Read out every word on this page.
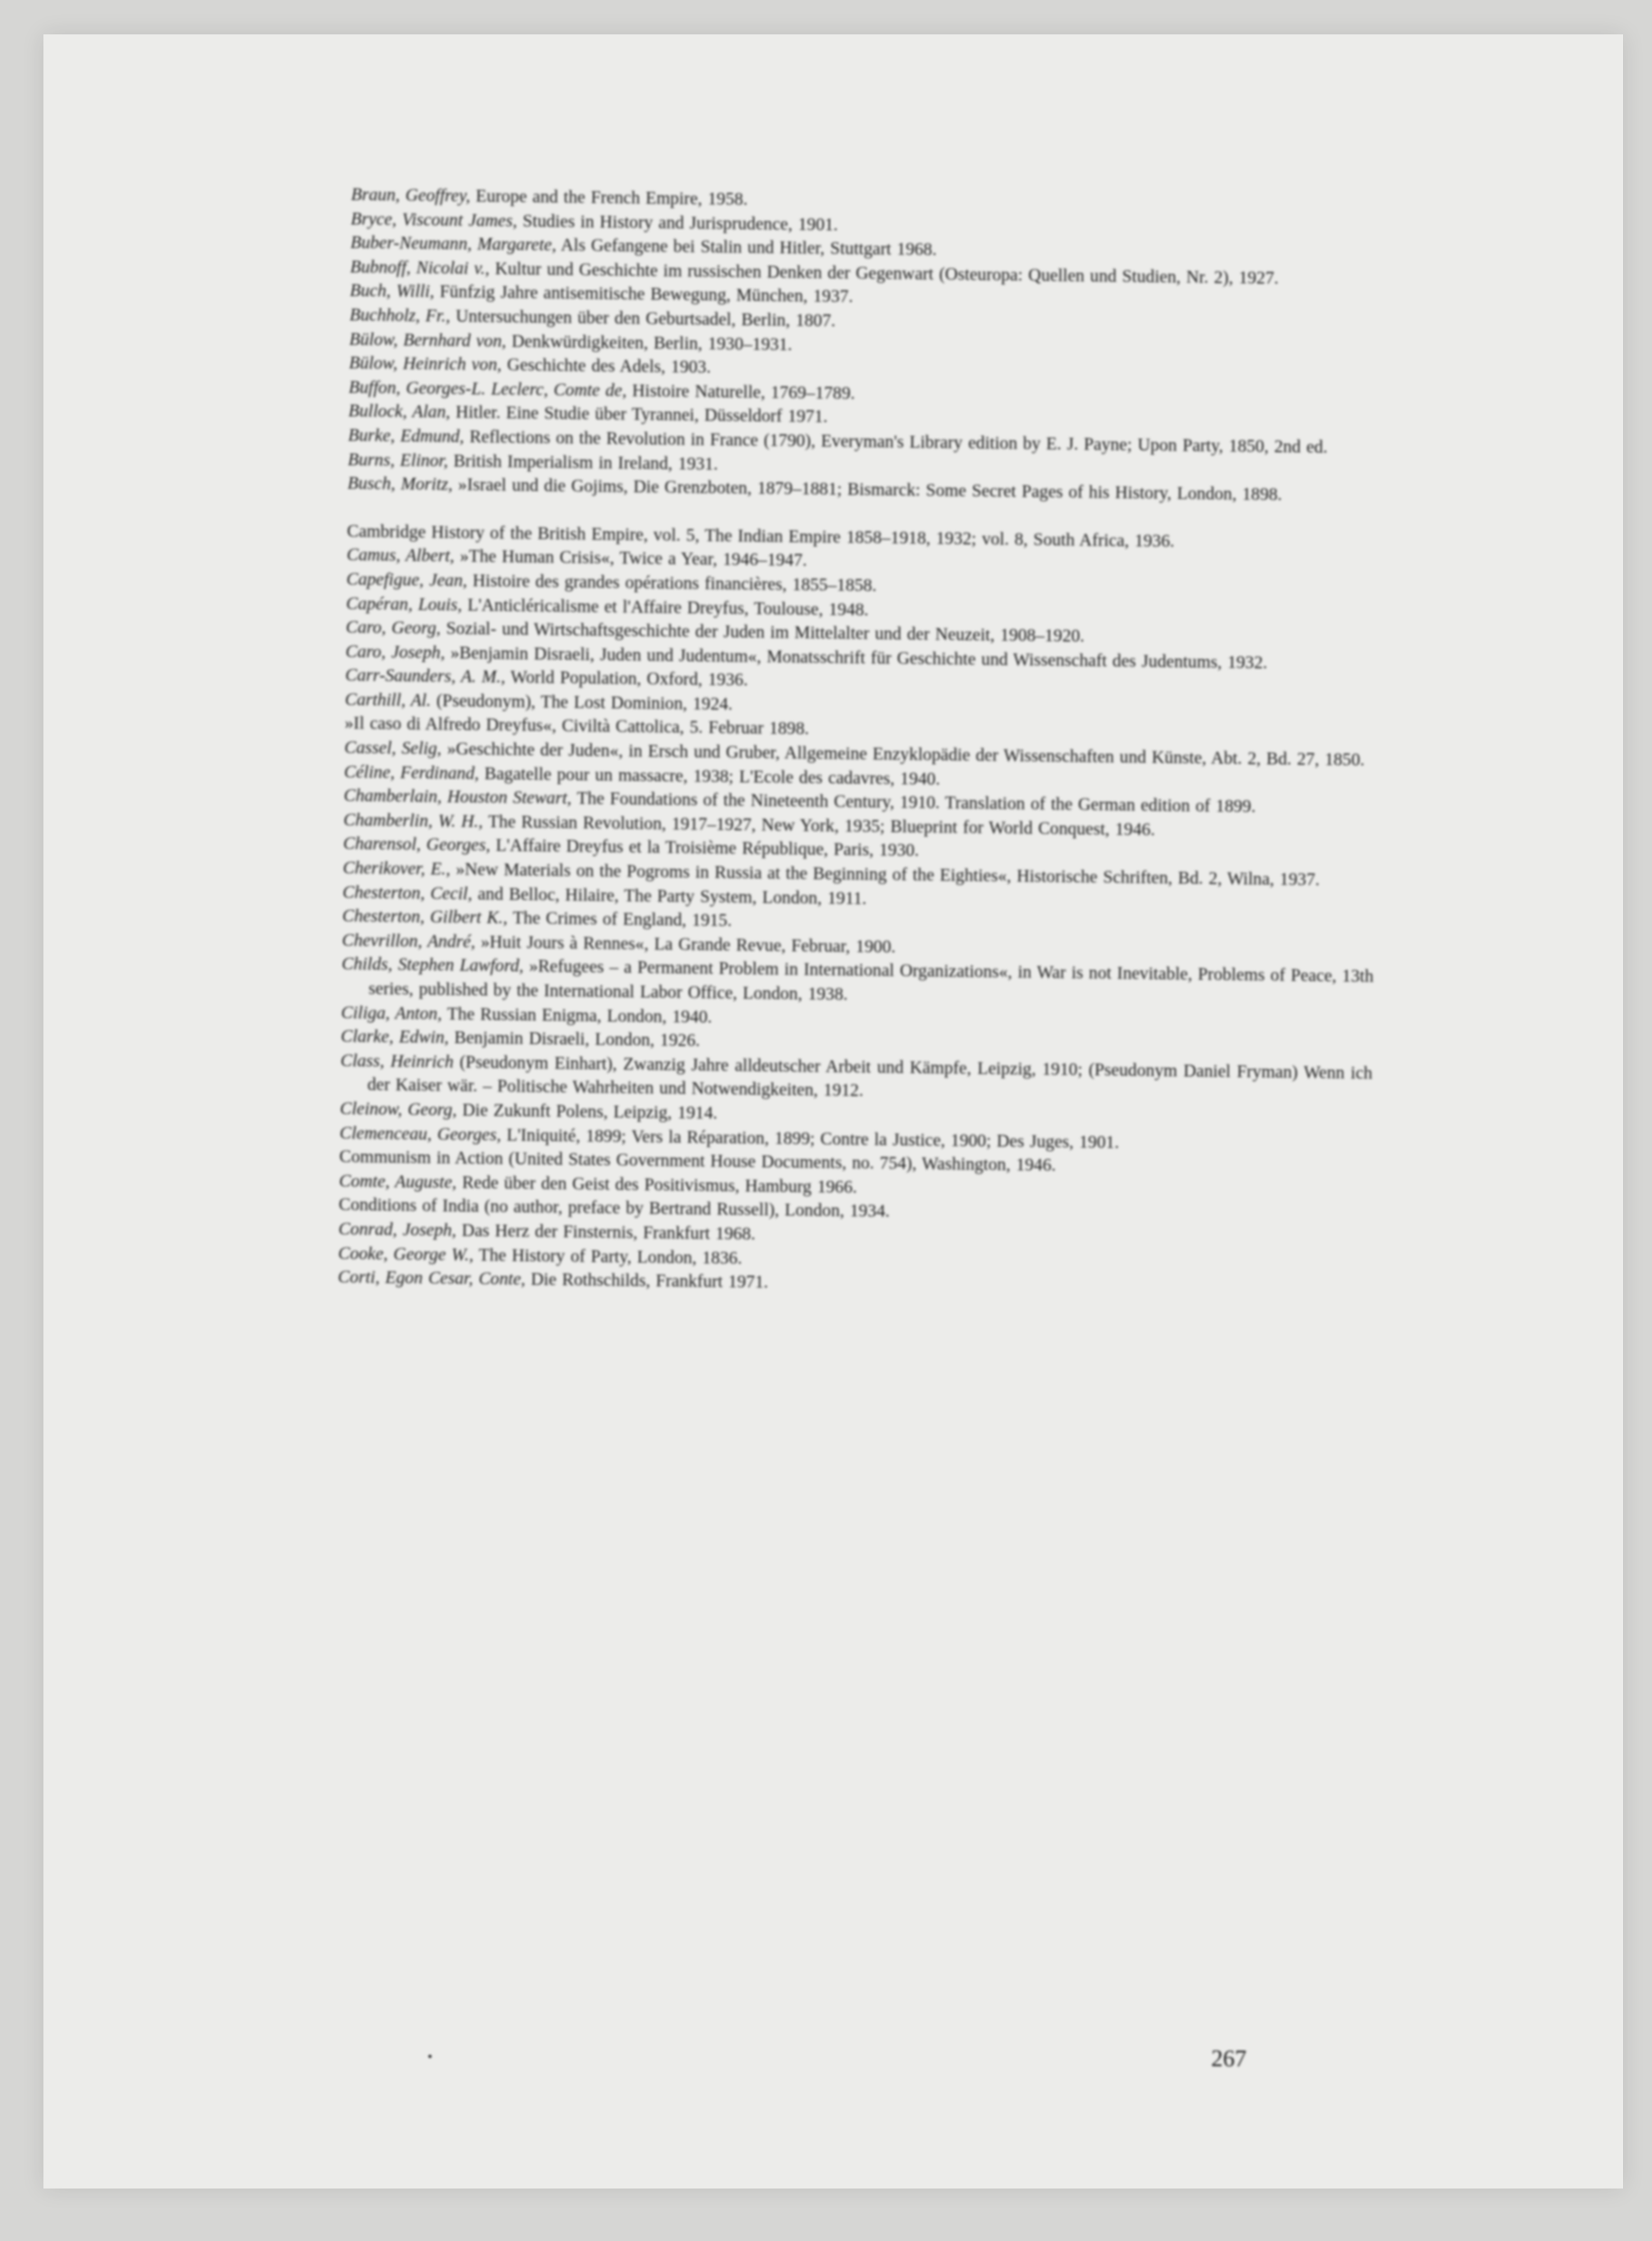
Braun, Geoffrey, Europe and the French Empire, 1958.

Bryce, Viscount James, Studies in History and Jurisprudence, 1901.

Buber-Neumann, Margarete, Als Gefangene bei Stalin und Hitler, Stuttgart 1968.

Bubnoff, Nicolai v., Kultur und Geschichte im russischen Denken der Gegenwart (Osteuropa: Quellen und Studien, Nr. 2), 1927.

Buch, Willi, Fünfzig Jahre antisemitische Bewegung, München, 1937.

Buchholz, Fr., Untersuchungen über den Geburtsadel, Berlin, 1807.

Bülow, Bernhard von, Denkwürdigkeiten, Berlin, 1930–1931.

Bülow, Heinrich von, Geschichte des Adels, 1903.

Buffon, Georges-L. Leclerc, Comte de, Histoire Naturelle, 1769–1789.

Bullock, Alan, Hitler. Eine Studie über Tyrannei, Düsseldorf 1971.

Burke, Edmund, Reflections on the Revolution in France (1790), Everyman's Library edition by E. J. Payne; Upon Party, 1850, 2nd ed.

Burns, Elinor, British Imperialism in Ireland, 1931.

Busch, Moritz, »Israel und die Gojims, Die Grenzboten, 1879–1881; Bismarck: Some Secret Pages of his History, London, 1898.

Cambridge History of the British Empire, vol. 5, The Indian Empire 1858–1918, 1932; vol. 8, South Africa, 1936.

Camus, Albert, »The Human Crisis«, Twice a Year, 1946–1947.

Capefigue, Jean, Histoire des grandes opérations financières, 1855–1858.

Capéran, Louis, L'Anticléricalisme et l'Affaire Dreyfus, Toulouse, 1948.

Caro, Georg, Sozial- und Wirtschaftsgeschichte der Juden im Mittelalter und der Neuzeit, 1908–1920.

Caro, Joseph, »Benjamin Disraeli, Juden und Judentum«, Monatsschrift für Geschichte und Wissenschaft des Judentums, 1932.

Carr-Saunders, A. M., World Population, Oxford, 1936.

Carthill, Al. (Pseudonym), The Lost Dominion, 1924.

»Il caso di Alfredo Dreyfus«, Civiltà Cattolica, 5. Februar 1898.

Cassel, Selig, »Geschichte der Juden«, in Ersch und Gruber, Allgemeine Enzyklopädie der Wissenschaften und Künste, Abt. 2, Bd. 27, 1850.

Céline, Ferdinand, Bagatelle pour un massacre, 1938; L'Ecole des cadavres, 1940.

Chamberlain, Houston Stewart, The Foundations of the Nineteenth Century, 1910. Translation of the German edition of 1899.

Chamberlin, W. H., The Russian Revolution, 1917–1927, New York, 1935; Blueprint for World Conquest, 1946.

Charensol, Georges, L'Affaire Dreyfus et la Troisième République, Paris, 1930.

Cherikover, E., »New Materials on the Pogroms in Russia at the Beginning of the Eighties«, Historische Schriften, Bd. 2, Wilna, 1937.

Chesterton, Cecil, and Belloc, Hilaire, The Party System, London, 1911.

Chesterton, Gilbert K., The Crimes of England, 1915.

Chevrillon, André, »Huit Jours à Rennes«, La Grande Revue, Februar, 1900.

Childs, Stephen Lawford, »Refugees – a Permanent Problem in International Organizations«, in War is not Inevitable, Problems of Peace, 13th series, published by the International Labor Office, London, 1938.

Ciliga, Anton, The Russian Enigma, London, 1940.

Clarke, Edwin, Benjamin Disraeli, London, 1926.

Class, Heinrich (Pseudonym Einhart), Zwanzig Jahre alldeutscher Arbeit und Kämpfe, Leipzig, 1910; (Pseudonym Daniel Fryman) Wenn ich der Kaiser wär. – Politische Wahrheiten und Notwendigkeiten, 1912.

Cleinow, Georg, Die Zukunft Polens, Leipzig, 1914.

Clemenceau, Georges, L'Iniquité, 1899; Vers la Réparation, 1899; Contre la Justice, 1900; Des Juges, 1901.

Communism in Action (United States Government House Documents, no. 754), Washington, 1946.

Comte, Auguste, Rede über den Geist des Positivismus, Hamburg 1966.

Conditions of India (no author, preface by Bertrand Russell), London, 1934.

Conrad, Joseph, Das Herz der Finsternis, Frankfurt 1968.

Cooke, George W., The History of Party, London, 1836.

Corti, Egon Cesar, Conte, Die Rothschilds, Frankfurt 1971.

267
